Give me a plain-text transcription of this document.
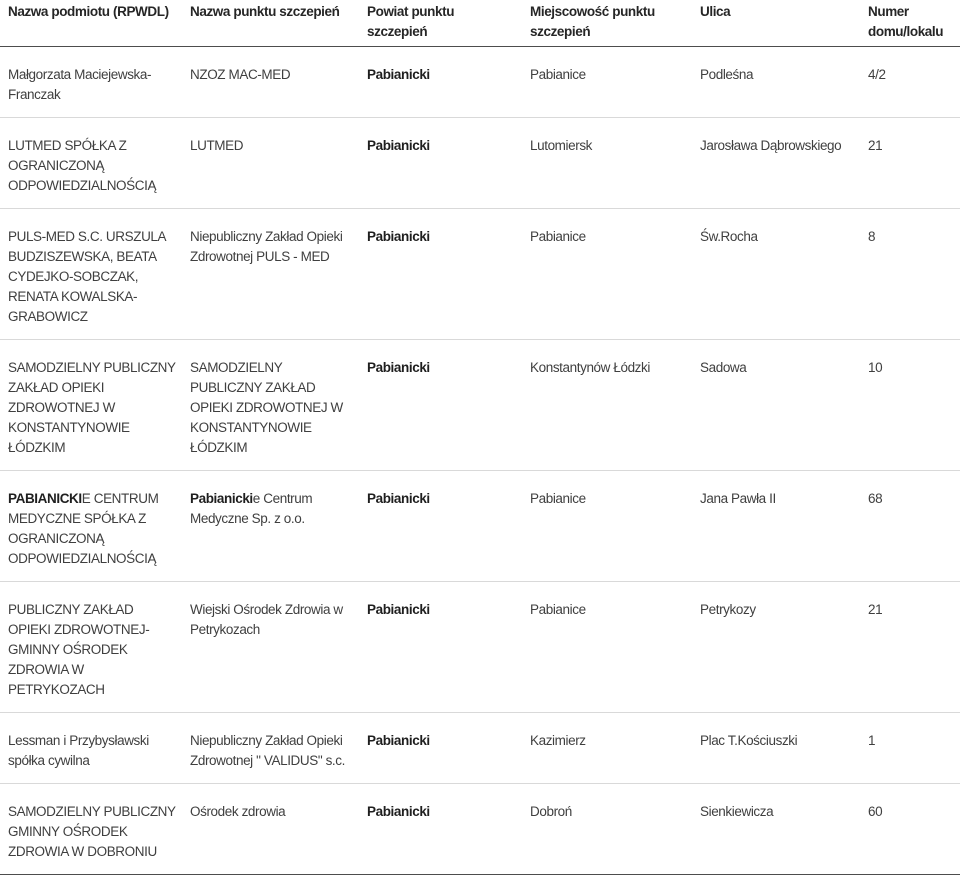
Nazwa podmiotu (RPWDL)	Nazwa punktu szczepień	Powiat punktu szczepień	Miejscowość punktu szczepień	Ulica	Numer domu/lokalu
Małgorzata Maciejewska-Franczak	NZOZ MAC-MED	Pabianicki	Pabianice	Podleśna	4/2
LUTMED SPÓŁKA Z OGRANICZONĄ ODPOWIEDZIALNOŚCIĄ	LUTMED	Pabianicki	Lutomiersk	Jarosława Dąbrowskiego	21
PULS-MED S.C. URSZULA BUDZISZEWSKA, BEATA CYDEJKO-SOBCZAK, RENATA KOWALSKA-GRABOWICZ	Niepubliczny Zakład Opieki Zdrowotnej PULS - MED	Pabianicki	Pabianice	Św.Rocha	8
SAMODZIELNY PUBLICZNY ZAKŁAD OPIEKI ZDROWOTNEJ W KONSTANTYNOWIE ŁÓDZKIM	SAMODZIELNY PUBLICZNY ZAKŁAD OPIEKI ZDROWOTNEJ W KONSTANTYNOWIE ŁÓDZKIM	Pabianicki	Konstantynów Łódzki	Sadowa	10
PABIANICKIE CENTRUM MEDYCZNE SPÓŁKA Z OGRANICZONĄ ODPOWIEDZIALNOŚCIĄ	Pabianickie Centrum Medyczne Sp. z o.o.	Pabianicki	Pabianice	Jana Pawła II	68
PUBLICZNY ZAKŁAD OPIEKI ZDROWOTNEJ-GMINNY OŚRODEK ZDROWIA W PETRYKOZACH	Wiejski Ośrodek Zdrowia w Petrykozach	Pabianicki	Pabianice	Petrykozy	21
Lessman i Przybysławski spółka cywilna	Niepubliczny Zakład Opieki Zdrowotnej " VALIDUS" s.c.	Pabianicki	Kazimierz	Plac T.Kościuszki	1
SAMODZIELNY PUBLICZNY GMINNY OŚRODEK ZDROWIA W DOBRONIU	Ośrodek zdrowia	Pabianicki	Dobroń	Sienkiewicza	60
